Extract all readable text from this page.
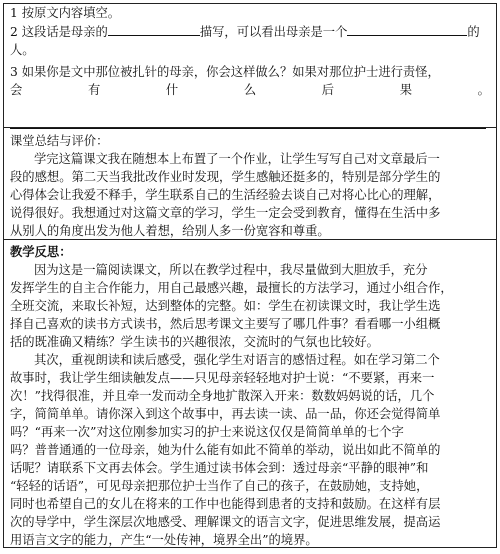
1 按原文内容填空。
2 这段话是母亲的	描写，可以看出母亲是一个	的
人。
3 如果你是文中那位被扎针的母亲，你会这样做么？如果对那位护士进行责怪，
会	有	什	么	后	果	。
课堂总结与评价：
学完这篇课文我在随想本上布置了一个作业，让学生写写自己对文章最后一
段的感想。第二天当我批改作业时发现，学生感触还挺多的，特别是部分学生的
心得体会让我爱不释手，学生联系自己的生活经验去谈自己对将心比心的理解，
说得很好。我想通过对这篇文章的学习，学生一定会受到教育，懂得在生活中多
从别人的角度出发为他人着想，给别人多一份宽容和尊重。
教学反思：
因为这是一篇阅读课文，所以在教学过程中，我尽量做到大胆放手，充分
发挥学生的自主合作能力，用自己最感兴趣，最擅长的方法学习，通过小组合作，
全班交流，来取长补短，达到整体的完整。如：学生在初读课文时，我让学生选
择自己喜欢的读书方式读书，然后思考课文主要写了哪几件事？看看哪一小组概
括的既准确又精练？学生读书的兴趣很浓，交流时的气氛也比较好。
其次，重视朗读和读后感受，强化学生对语言的感悟过程。如在学习第二个
故事时，我让学生细读触发点——只见母亲轻轻地对护士说：“不要紧，再来一
次！”找得很准，并且牵一发而动全身地扩散深入开来：数数妈妈说的话，几个
字，简简单单。请你深入到这个故事中，再去读一读、品一品，你还会觉得简单
吗？“再来一次”对这位刚参加实习的护士来说这仅仅是简简单单的七个字
吗？普普通通的一位母亲，她为什么能有如此不简单的举动，说出如此不简单的
话呢？请联系下文再去体会。学生通过读书体会到：透过母亲“平静的眼神”和
“轻轻的话语”，可见母亲把那位护士当作了自己的孩子，在鼓励她，支持她，
同时也希望自己的女儿在将来的工作中也能得到患者的支持和鼓励。在这样有层
次的导学中，学生深层次地感受、理解课文的语言文字，促进思维发展，提高运
用语言文字的能力，产生“一处传神，境界全出”的境界。
